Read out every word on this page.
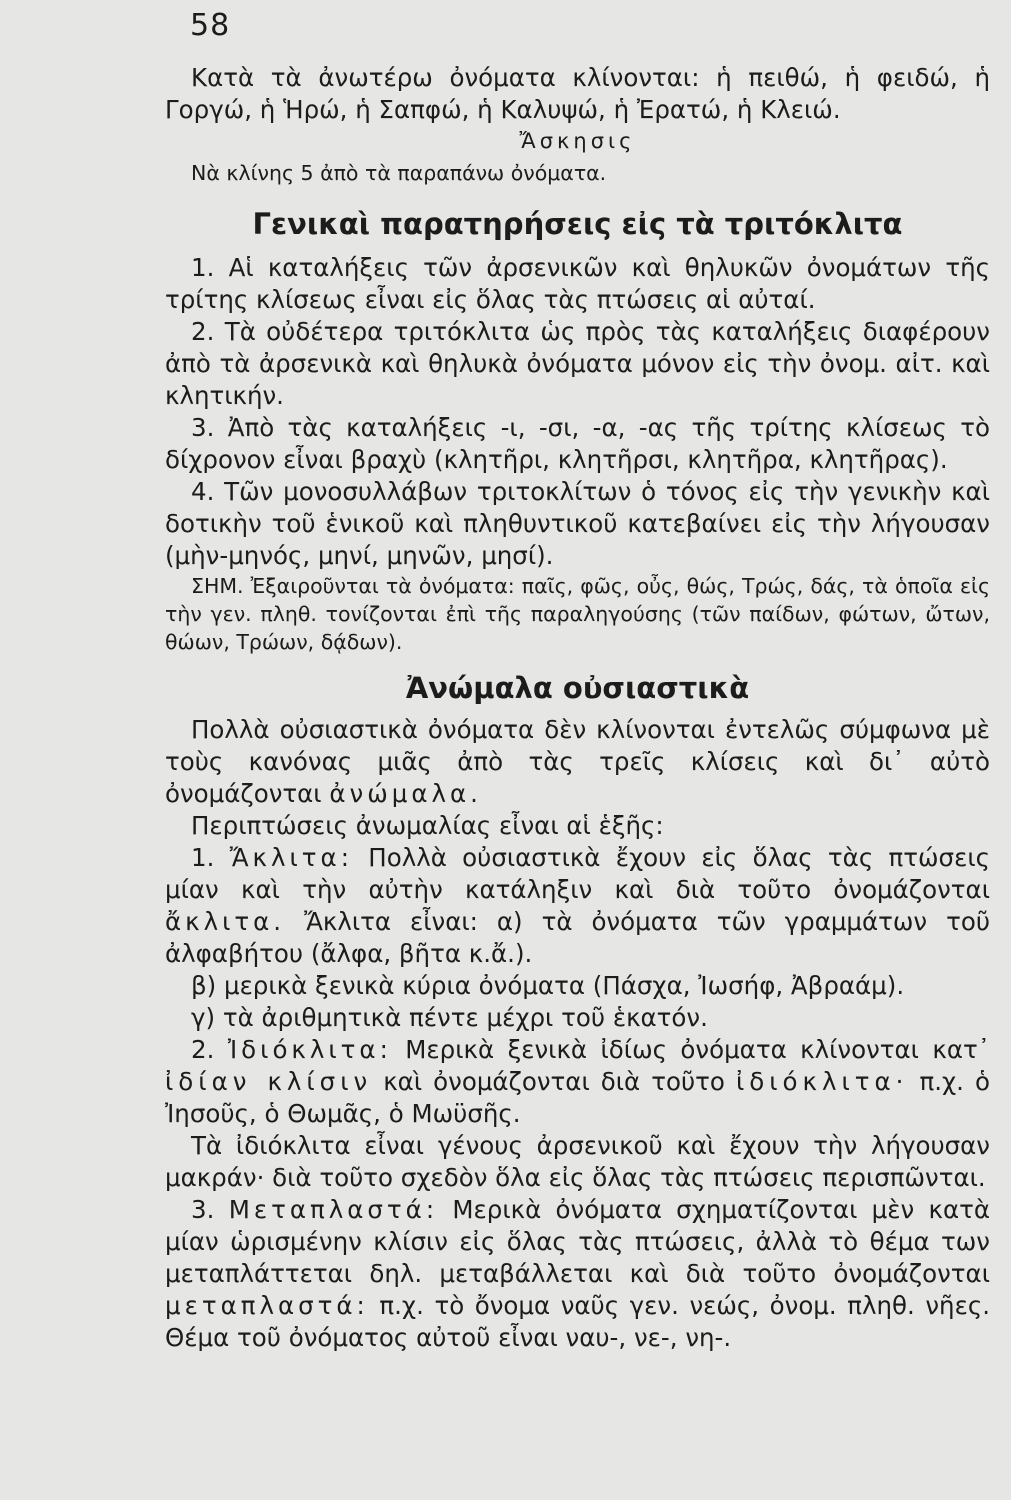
58

Κατὰ τὰ ἀνωτέρω ὀνόματα κλίνονται: ἡ πειθώ, ἡ φειδώ, ἡ Γοργώ, ἡ Ἡρώ, ἡ Σαπφώ, ἡ Καλυψώ, ἡ Ἐρατώ, ἡ Κλειώ.

Ἄσκησις

Νὰ κλίνης 5 ἀπὸ τὰ παραπάνω ὀνόματα.

Γενικαὶ παρατηρήσεις εἰς τὰ τριτόκλιτα

1. Αἱ καταλήξεις τῶν ἀρσενικῶν καὶ θηλυκῶν ὀνομάτων τῆς τρίτης κλίσεως εἶναι εἰς ὅλας τὰς πτώσεις αἱ αὐταί.

2. Τὰ οὐδέτερα τριτόκλιτα ὡς πρὸς τὰς καταλήξεις διαφέρουν ἀπὸ τὰ ἀρσενικὰ καὶ θηλυκὰ ὀνόματα μόνον εἰς τὴν ὀνομ. αἰτ. καὶ κλητικήν.

3. Ἀπὸ τὰς καταλήξεις -ι, -σι, -α, -ας τῆς τρίτης κλίσεως τὸ δίχρονον εἶναι βραχὺ (κλητῆρι, κλητῆρσι, κλητῆρα, κλητῆρας).

4. Τῶν μονοσυλλάβων τριτοκλίτων ὁ τόνος εἰς τὴν γενικὴν καὶ δοτικὴν τοῦ ἑνικοῦ καὶ πληθυντικοῦ κατεβαίνει εἰς τὴν λήγουσαν (μὴν-μηνός, μηνί, μηνῶν, μησί).

ΣΗΜ. Ἐξαιροῦνται τὰ ὀνόματα: παῖς, φῶς, οὖς, θώς, Τρώς, δάς, τὰ ὁποῖα εἰς τὴν γεν. πληθ. τονίζονται ἐπὶ τῆς παραληγούσης (τῶν παίδων, φώτων, ὤτων, θώων, Τρώων, δᾴδων).

Ἀνώμαλα οὐσιαστικὰ

Πολλὰ οὐσιαστικὰ ὀνόματα δὲν κλίνονται ἐντελῶς σύμφωνα μὲ τοὺς κανόνας μιᾶς ἀπὸ τὰς τρεῖς κλίσεις καὶ δι᾽ αὐτὸ ὀνομάζονται ἀνώμαλα.

Περιπτώσεις ἀνωμαλίας εἶναι αἱ ἑξῆς:

1. Ἄκλιτα: Πολλὰ οὐσιαστικὰ ἔχουν εἰς ὅλας τὰς πτώσεις μίαν καὶ τὴν αὐτὴν κατάληξιν καὶ διὰ τοῦτο ὀνομάζονται ἄκλιτα. Ἄκλιτα εἶναι: α) τὰ ὀνόματα τῶν γραμμάτων τοῦ ἀλφαβήτου (ἄλφα, βῆτα κ.ἄ.).

β) μερικὰ ξενικὰ κύρια ὀνόματα (Πάσχα, Ἰωσήφ, Ἀβραάμ).

γ) τὰ ἀριθμητικὰ πέντε μέχρι τοῦ ἑκατόν.

2. Ἰδιόκλιτα: Μερικὰ ξενικὰ ἰδίως ὀνόματα κλίνονται κατ᾽ ἰδίαν κλίσιν καὶ ὀνομάζονται διὰ τοῦτο ἰδιόκλιτα· π.χ. ὁ Ἰησοῦς, ὁ Θωμᾶς, ὁ Μωϋσῆς.

Τὰ ἰδιόκλιτα εἶναι γένους ἀρσενικοῦ καὶ ἔχουν τὴν λήγουσαν μακράν· διὰ τοῦτο σχεδὸν ὅλα εἰς ὅλας τὰς πτώσεις περισπῶνται.

3. Μεταπλαστά: Μερικὰ ὀνόματα σχηματίζονται μὲν κατὰ μίαν ὡρισμένην κλίσιν εἰς ὅλας τὰς πτώσεις, ἀλλὰ τὸ θέμα των μεταπλάττεται δηλ. μεταβάλλεται καὶ διὰ τοῦτο ὀνομάζονται μεταπλαστά: π.χ. τὸ ὄνομα ναῦς γεν. νεώς, ὀνομ. πληθ. νῆες. Θέμα τοῦ ὀνόματος αὐτοῦ εἶναι ναυ-, νε-, νη-.
